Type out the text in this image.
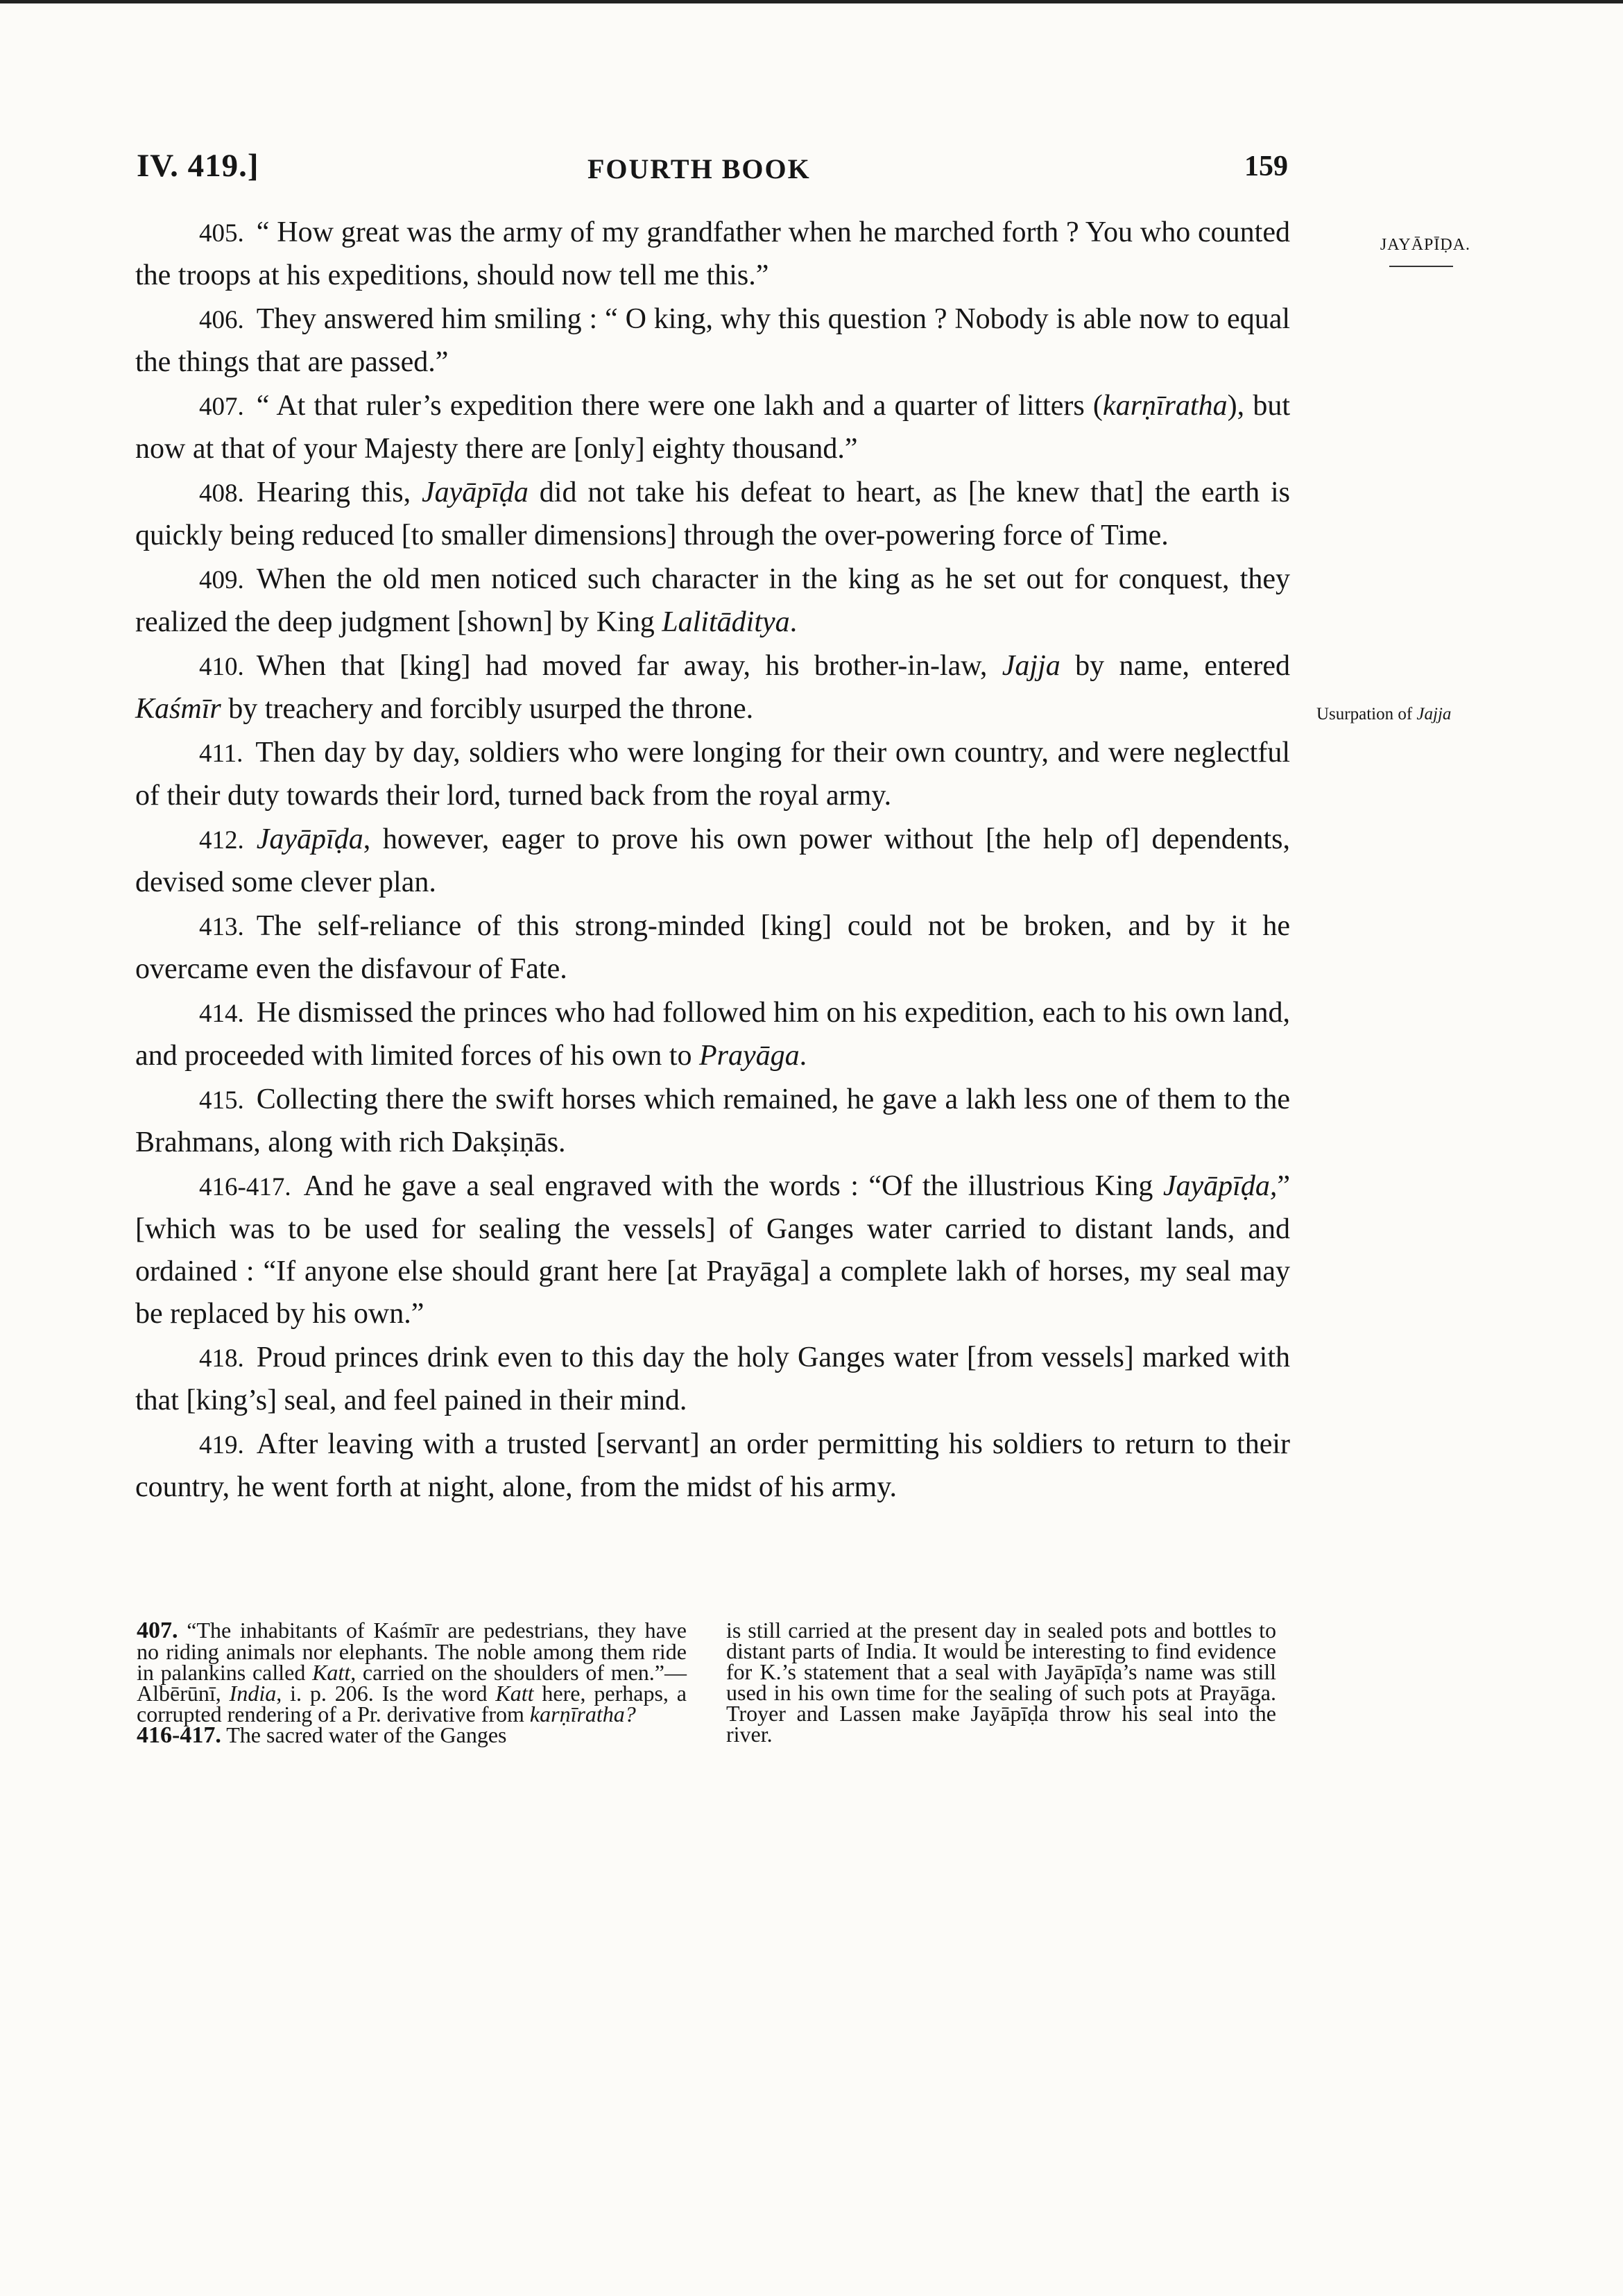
IV. 419.]	FOURTH BOOK	159
JAYĀPĪḌA.
Usurpation of Jajja

405. “ How great was the army of my grandfather when he marched forth ? You who counted the troops at his expeditions, should now tell me this.”

406. They answered him smiling : “ O king, why this question ? Nobody is able now to equal the things that are passed.”

407. “ At that ruler’s expedition there were one lakh and a quarter of litters (karṇīratha), but now at that of your Majesty there are [only] eighty thousand.”

408. Hearing this, Jayāpīḍa did not take his defeat to heart, as [he knew that] the earth is quickly being reduced [to smaller dimensions] through the over-powering force of Time.

409. When the old men noticed such character in the king as he set out for conquest, they realized the deep judgment [shown] by King Lalitāditya.

410. When that [king] had moved far away, his brother-in-law, Jajja by name, entered Kaśmīr by treachery and forcibly usurped the throne.

411. Then day by day, soldiers who were longing for their own country, and were neglectful of their duty towards their lord, turned back from the royal army.

412. Jayāpīḍa, however, eager to prove his own power without [the help of] dependents, devised some clever plan.

413. The self-reliance of this strong-minded [king] could not be broken, and by it he overcame even the disfavour of Fate.

414. He dismissed the princes who had followed him on his expedition, each to his own land, and proceeded with limited forces of his own to Prayāga.

415. Collecting there the swift horses which remained, he gave a lakh less one of them to the Brahmans, along with rich Dakṣiṇās.

416-417. And he gave a seal engraved with the words : “Of the illustrious King Jayāpīḍa,” [which was to be used for sealing the vessels] of Ganges water carried to distant lands, and ordained : “If anyone else should grant here [at Prayāga] a complete lakh of horses, my seal may be replaced by his own.”

418. Proud princes drink even to this day the holy Ganges water [from vessels] marked with that [king’s] seal, and feel pained in their mind.

419. After leaving with a trusted [servant] an order permitting his soldiers to return to their country, he went forth at night, alone, from the midst of his army.

407. “The inhabitants of Kaśmīr are pedestrians, they have no riding animals nor elephants. The noble among them ride in palankins called Katt, carried on the shoulders of men.”—Albērūnī, India, i. p. 206. Is the word Katt here, perhaps, a corrupted rendering of a Pr. derivative from karṇīratha?
416-417. The sacred water of the Ganges
is still carried at the present day in sealed pots and bottles to distant parts of India. It would be interesting to find evidence for K.’s statement that a seal with Jayāpīḍa’s name was still used in his own time for the sealing of such pots at Prayāga. Troyer and Lassen make Jayāpīḍa throw his seal into the river.
